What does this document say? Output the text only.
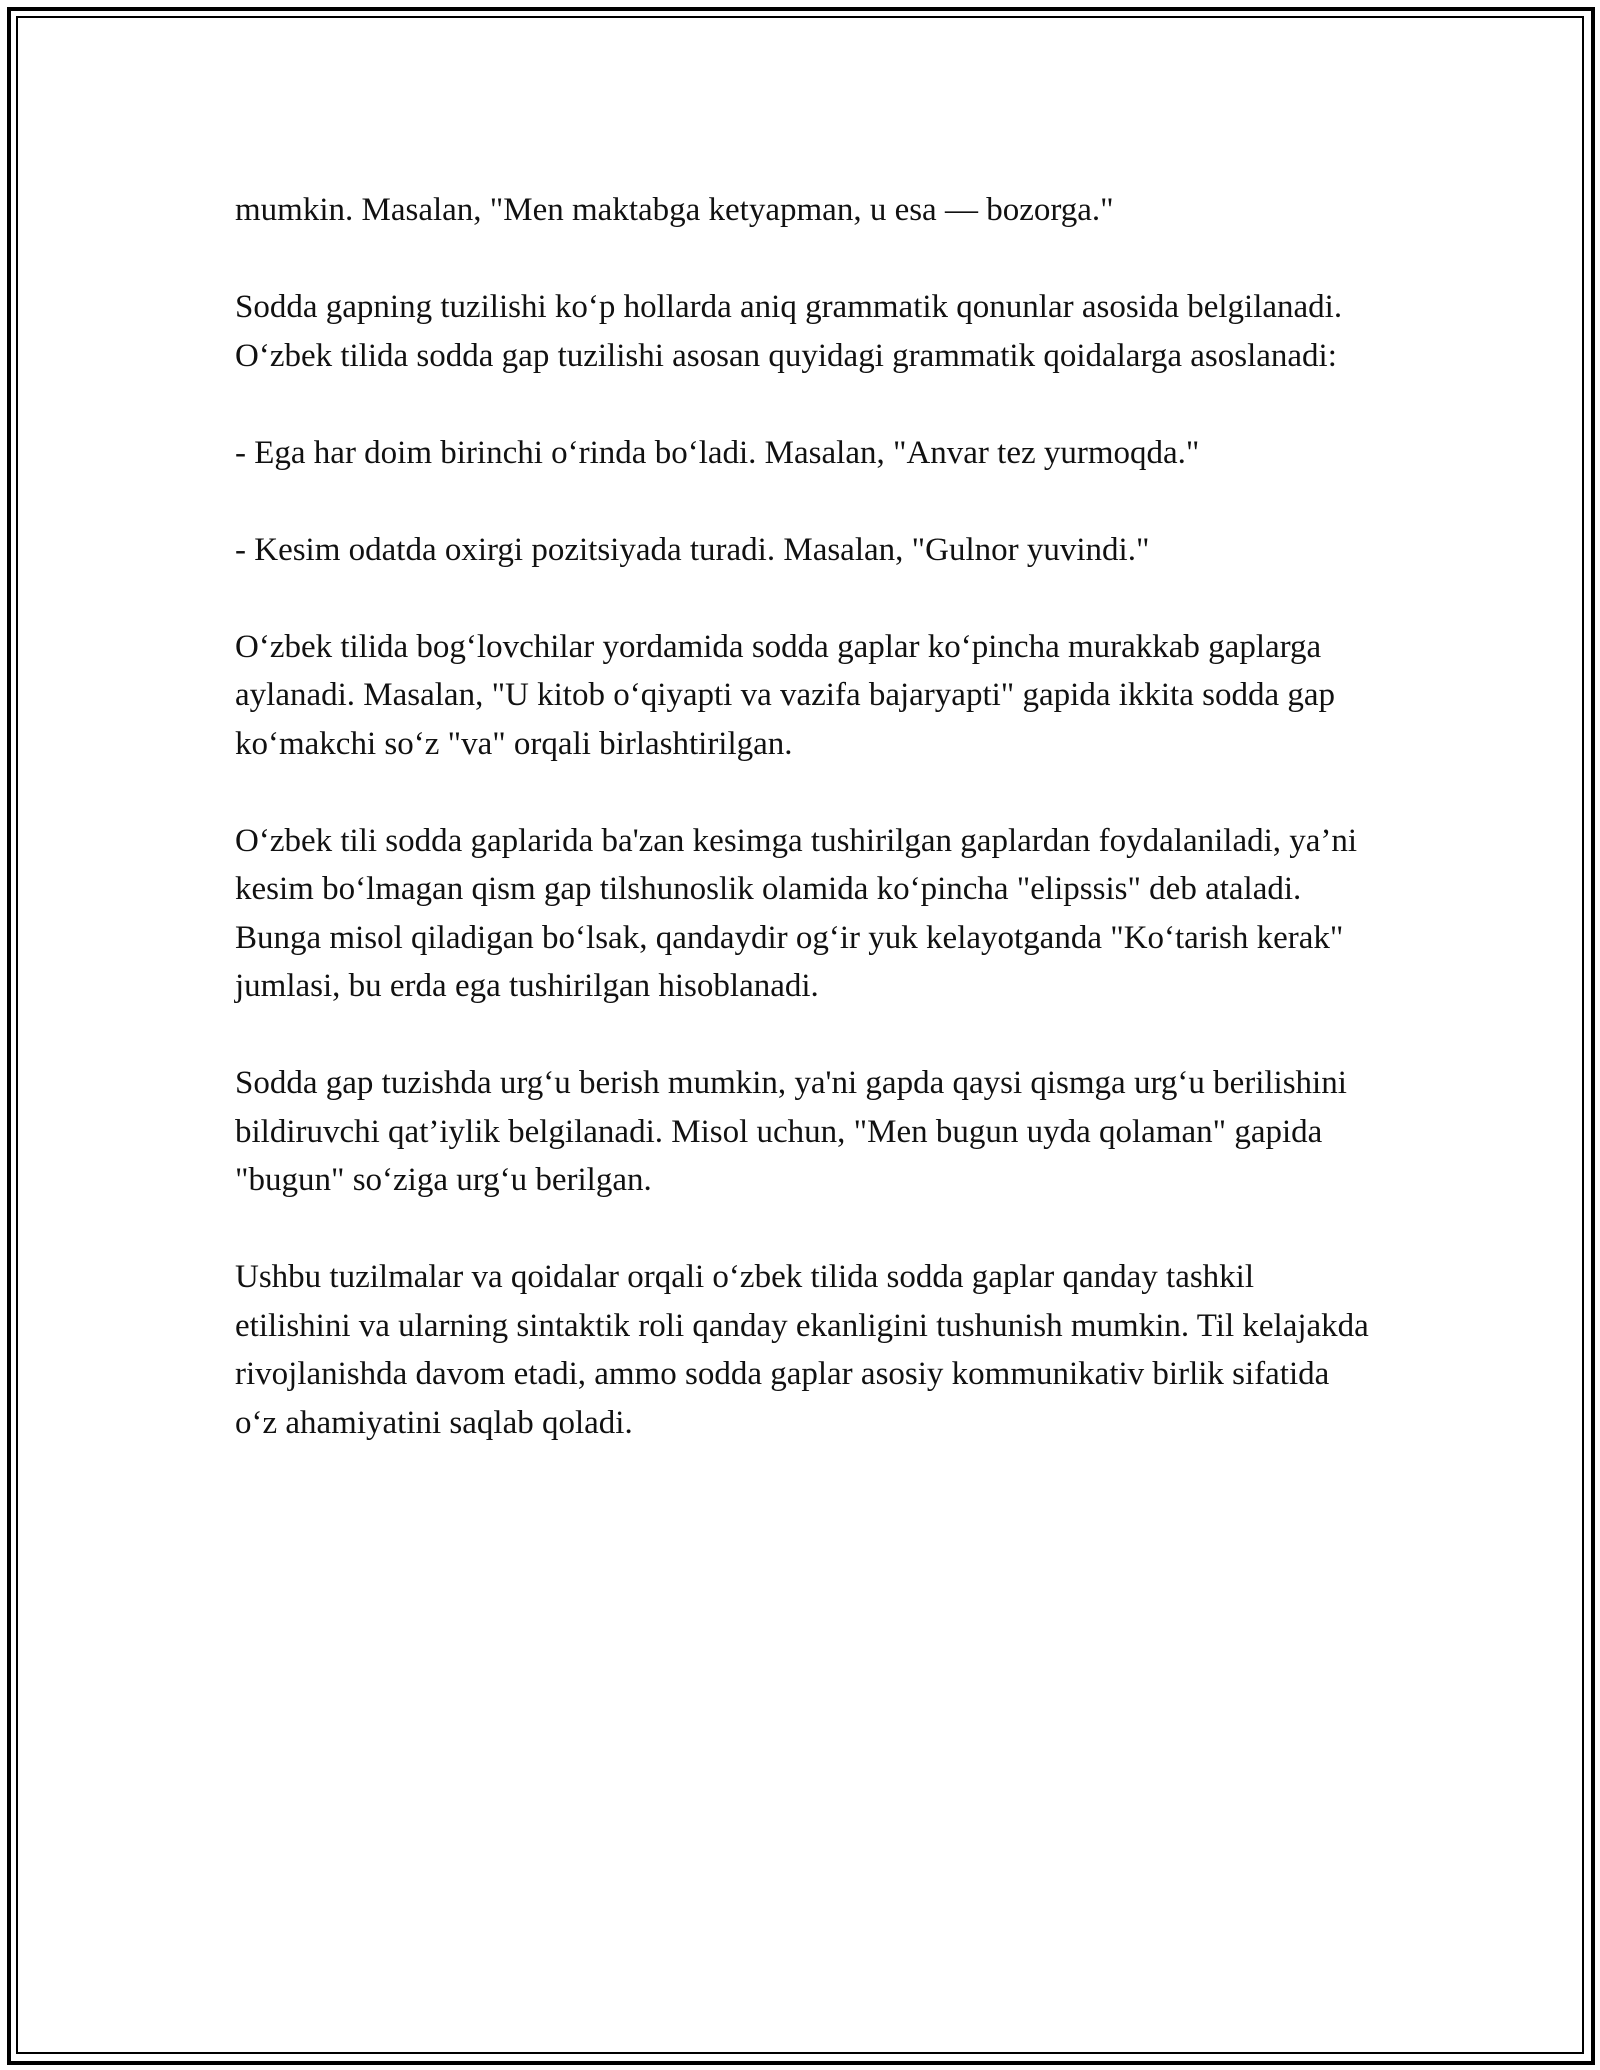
mumkin. Masalan, "Men maktabga ketyapman, u esa — bozorga."

Sodda gapning tuzilishi ko‘p hollarda aniq grammatik qonunlar asosida belgilanadi. O‘zbek tilida sodda gap tuzilishi asosan quyidagi grammatik qoidalarga asoslanadi:

- Ega har doim birinchi o‘rinda bo‘ladi. Masalan, "Anvar tez yurmoqda."

- Kesim odatda oxirgi pozitsiyada turadi. Masalan, "Gulnor yuvindi."

O‘zbek tilida bog‘lovchilar yordamida sodda gaplar ko‘pincha murakkab gaplarga aylanadi. Masalan, "U kitob o‘qiyapti va vazifa bajaryapti" gapida ikkita sodda gap ko‘makchi so‘z "va" orqali birlashtirilgan.

O‘zbek tili sodda gaplarida ba'zan kesimga tushirilgan gaplardan foydalaniladi, ya’ni kesim bo‘lmagan qism gap tilshunoslik olamida ko‘pincha "elipssis" deb ataladi. Bunga misol qiladigan bo‘lsak, qandaydir og‘ir yuk kelayotganda "Ko‘tarish kerak" jumlasi, bu erda ega tushirilgan hisoblanadi.

Sodda gap tuzishda urg‘u berish mumkin, ya'ni gapda qaysi qismga urg‘u berilishini bildiruvchi qat’iylik belgilanadi. Misol uchun, "Men bugun uyda qolaman" gapida "bugun" so‘ziga urg‘u berilgan.

Ushbu tuzilmalar va qoidalar orqali o‘zbek tilida sodda gaplar qanday tashkil etilishini va ularning sintaktik roli qanday ekanligini tushunish mumkin. Til kelajakda rivojlanishda davom etadi, ammo sodda gaplar asosiy kommunikativ birlik sifatida o‘z ahamiyatini saqlab qoladi.
